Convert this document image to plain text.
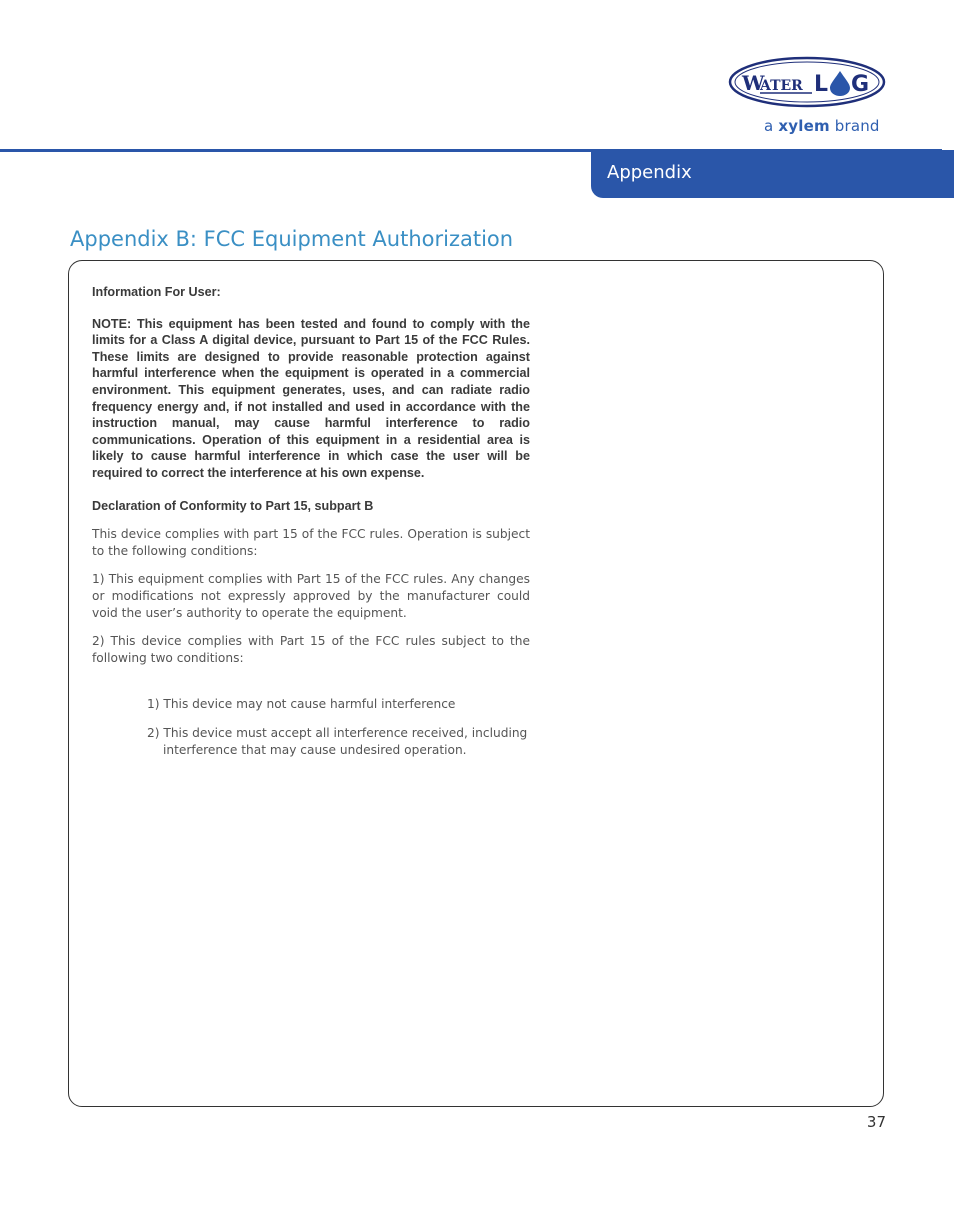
W
ATER L G
a xylem brand
Appendix
Appendix B: FCC Equipment Authorization

Information For User:

NOTE: This equipment has been tested and found to comply with the limits for a Class A digital device, pursuant to Part 15 of the FCC Rules. These limits are designed to provide reasonable protection against harmful interference when the equipment is operated in a commercial environment. This equipment generates, uses, and can radiate radio frequency energy and, if not installed and used in accordance with the instruction manual, may cause harmful interference to radio communications. Operation of this equipment in a residential area is likely to cause harmful interference in which case the user will be required to correct the interference at his own expense.

Declaration of Conformity to Part 15, subpart B

This device complies with part 15 of the FCC rules. Operation is subject to the following conditions:

1) This equipment complies with Part 15 of the FCC rules. Any changes or modifications not expressly approved by the manufacturer could void the user’s authority to operate the equipment.

2) This device complies with Part 15 of the FCC rules subject to the following two conditions:

1) This device may not cause harmful interference
2) This device must accept all interference received, including
interference that may cause undesired operation.
37
